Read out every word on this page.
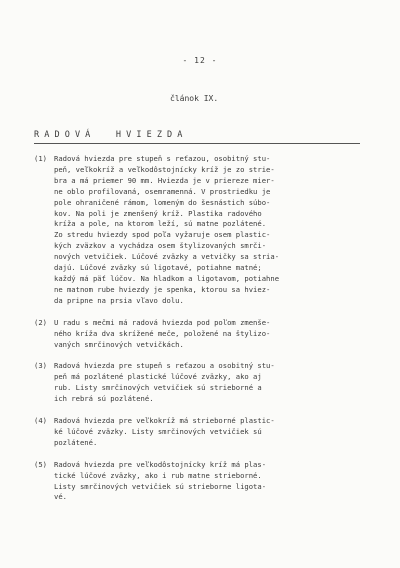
- 12 -
článok IX.
R A D O V Á     H V I E Z D A
(1) Radová hviezda pre stupeň s reťazou, osobitný stu-
peň, veľkokríž a veľkodôstojnícky kríž je zo strie-
bra a má priemer 90 mm. Hviezda je v priereze mier-
ne oblo profilovaná, osemramenná. V prostriedku je
pole ohraničené rámom, lomeným do šesnástich súbo-
kov. Na poli je zmenšený kríž. Plastika radového
kríža a pole, na ktorom leží, sú matne pozlátené.
Zo stredu hviezdy spod poľa vyžaruje osem plastic-
kých zväzkov a vychádza osem štylizovaných smrči-
nových vetvičiek. Lúčové zväzky a vetvičky sa stria-
dajú. Lúčové zväzky sú ligotavé, potiahne matné;
každý má päť lúčov. Na hladkom a ligotavom, potiahne
ne matnom rube hviezdy je spenka, ktorou sa hviez-
da pripne na prsia vľavo dolu.
(2) U radu s mečmi má radová hviezda pod poľom zmenše-
ného kríža dva skrížené meče, položené na štylizo-
vaných smrčinových vetvičkách.
(3) Radová hviezda pre stupeň s reťazou a osobitný stu-
peň má pozlátené plastické lúčové zväzky, ako aj
rub. Listy smrčinových vetvičiek sú strieborné a
ich rebrá sú pozlátené.
(4) Radová hviezda pre veľkokríž má strieborné plastic-
ké lúčové zväzky. Listy smrčinových vetvičiek sú
pozlátené.
(5) Radová hviezda pre veľkodôstojnícky kríž má plas-
tické lúčové zväzky, ako i rub matne strieborné.
Listy smrčinových vetvičiek sú strieborne ligota-
vé.
